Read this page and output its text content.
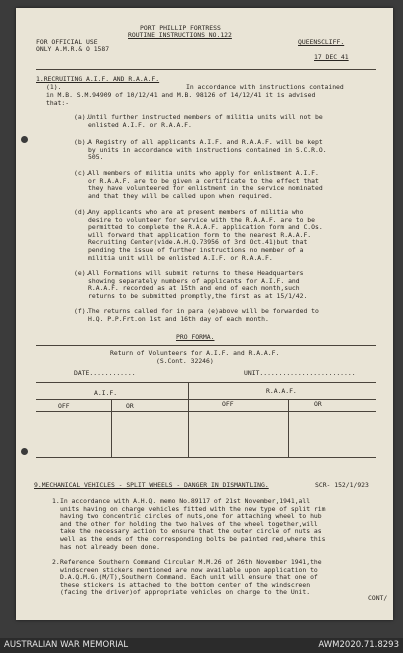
PORT PHILLIP FORTRESS
FOR OFFICIAL USE
ROUTINE INSTRUCTIONS NO.122
QUEENSCLIFF.
ONLY A.M.R.& O 1587
17 DEC 41
1.RECRUITING A.I.F. AND R.A.A.F.
(1).	In accordance with instructions contained
in M.B. S.M.94909 of 10/12/41 and M.B. 98126 of 14/12/41 it is advised
that:-
(a).
Until further instructed members of militia units will not be
enlisted A.I.F. or R.A.A.F.
(b).
A Registry of all applicants A.I.F. and R.A.A.F. will be kept
by units in accordance with instructions contained in S.C.R.O.
505.
(c).
All members of militia units who apply for enlistment A.I.F.
or R.A.A.F. are to be given a certificate to the effect that
they have volunteered for enlistment in the service nominated
and that they will be called upon when required.
(d).
Any applicants who are at present members of militia who
desire to volunteer for service with the R.A.A.F. are to be
permitted to complete the R.A.A.F. application form and C.Os.
will forward that application form to the nearest R.A.A.F.
Recruiting Center(vide.A.H.Q.73956 of 3rd Oct.41)but that
pending the issue of further instructions no member of a
militia unit will be enlisted A.I.F. or R.A.A.F.
(e).
All Formations will submit returns to these Headquarters
showing separately numbers of applicants for A.I.F. and
R.A.A.F. recorded as at 15th and end of each month,such
returns to be submitted promptly,the first as at 15/1/42.
(f).
The returns called for in para (e)above will be forwarded to
H.Q. P.P.Frt.on 1st and 16th day of each month.
PRO FORMA.
Return of Volunteers for A.I.F. and R.A.A.F.
(S.Cont. 32246)
DATE............	UNIT.........................
A.I.F.	R.A.A.F.
OFF	OR	OFF	OR
9.MECHANICAL VEHICLES - SPLIT WHEELS - DANGER IN DISMANTLING.	SCR- 152/1/923
1. In accordance with A.H.Q. memo No.89117 of 21st November,1941,all
units having on charge vehicles fitted with the new type of split rim
having two concentric circles of nuts,one for attaching wheel to hub
and the other for holding the two halves of the wheel together,will
take the necessary action to ensure that the outer circle of nuts as
well as the ends of the corresponding bolts be painted red,where this
has not already been done.
2. Reference Southern Command Circular M.M.26 of 26th November 1941,the
windscreen stickers mentioned are now available upon application to
D.A.Q.M.G.(M/T),Southern Command. Each unit will ensure that one of
these stickers is attached to the bottom center of the windscreen
(facing the driver)of appropriate vehicles on charge to the Unit.
CONT/
AUSTRALIAN WAR MEMORIAL	AWM2020.71.8293
